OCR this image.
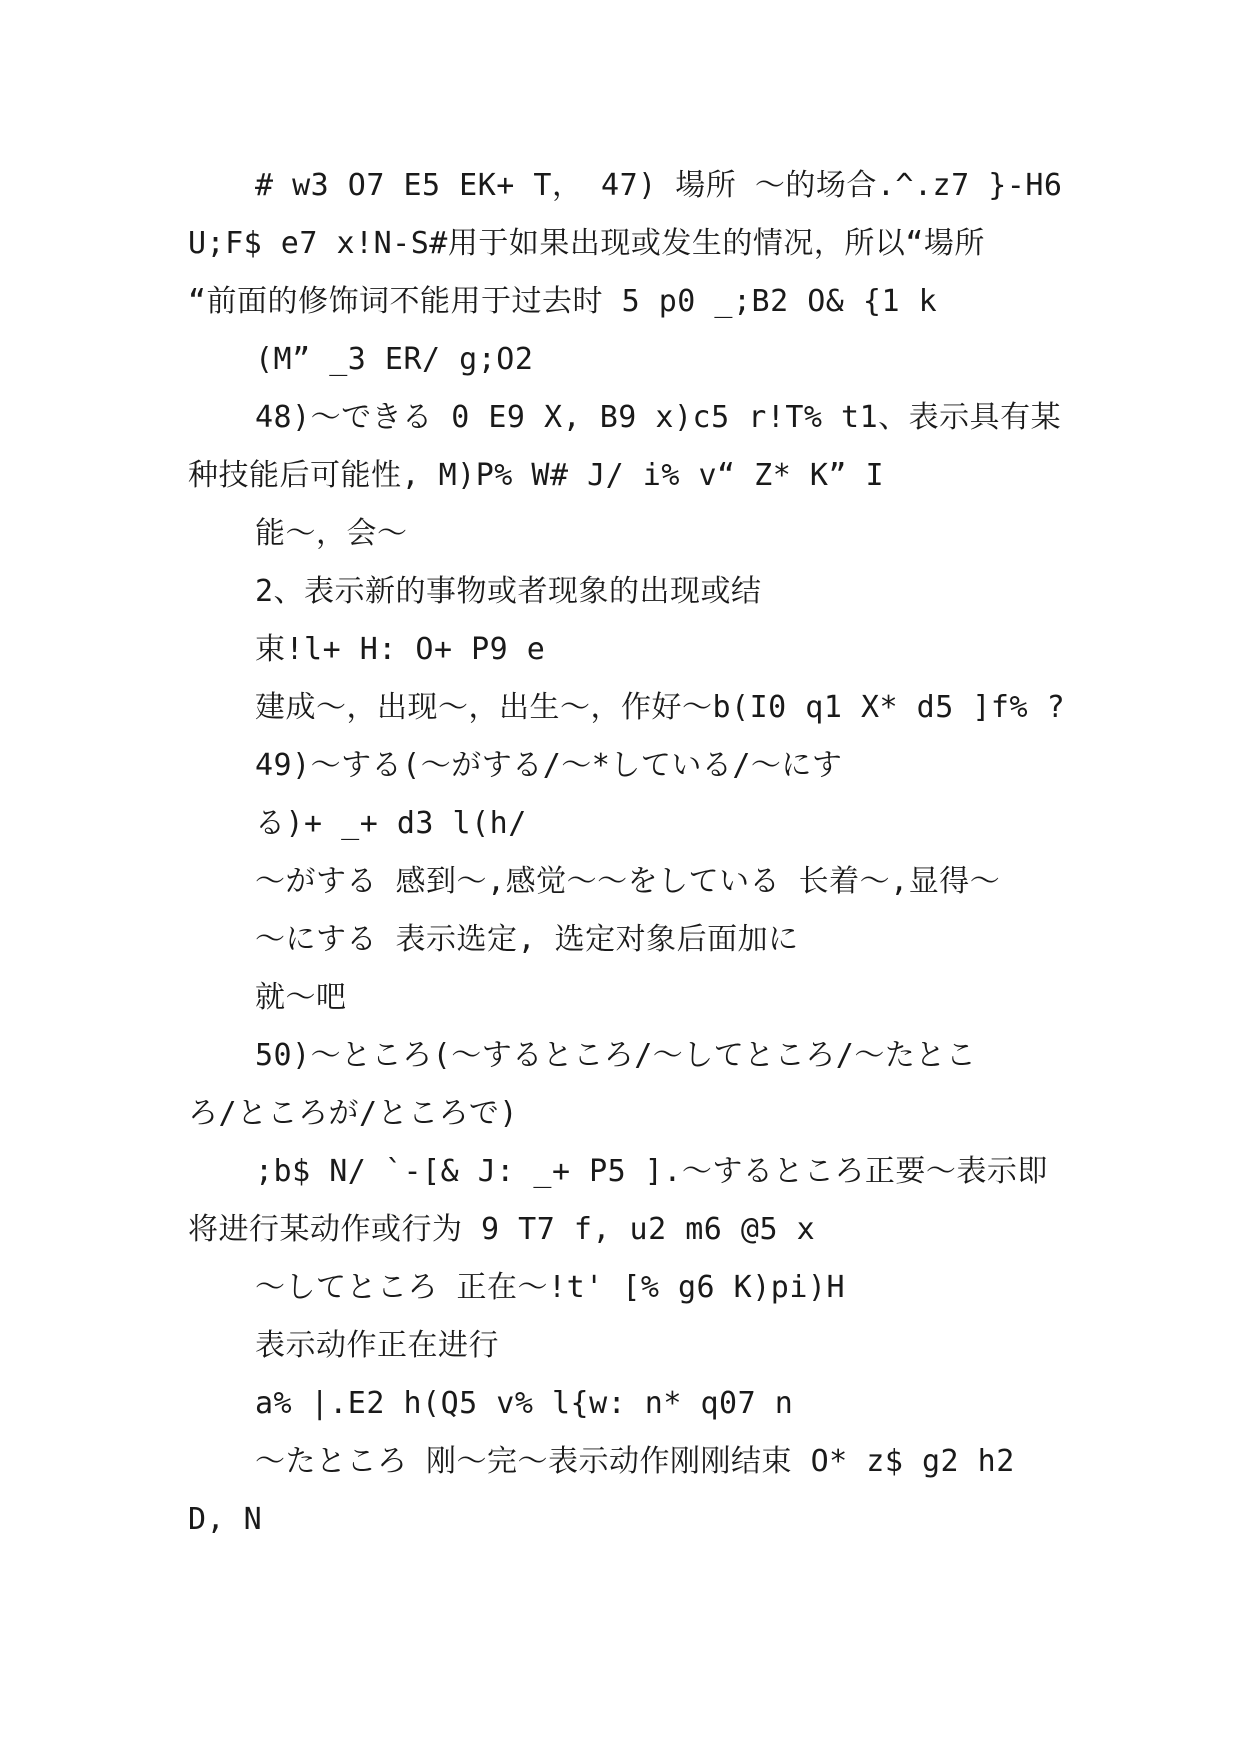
# w3 O7 E5 EK+ T， 47) 場所 ～的场合.^.z7 }-H6
U;F$ e7 x!N-S#用于如果出现或发生的情况，所以“場所
“前面的修饰词不能用于过去时 5 p0 _;B2 O& {1 k
(M” _3 ER/ g;O2
48)～できる 0 E9 X, B9 x)c5 r!T% t1、表示具有某
种技能后可能性, M)P% W# J/ i% v“ Z* K” I
能～，会～
2、表示新的事物或者现象的出现或结
束!l+ H: O+ P9 e
建成～，出现～，出生～，作好～b(I0 q1 X* d5 ]f% ?
49)～する(～がする/～*している/～にす
る)+ _+ d3 l(h/
～がする 感到～,感觉～～をしている 长着～,显得～
～にする 表示选定, 选定对象后面加に
就～吧
50)～ところ(～するところ/～してところ/～たとこ
ろ/ところが/ところで)
;b$ N/ `-[& J: _+ P5 ].～するところ正要～表示即
将进行某动作或行为 9 T7 f, u2 m6 @5 x
～してところ 正在～!t' [% g6 K)pi)H
表示动作正在进行
a% |.E2 h(Q5 v% l{w: n* q07 n
～たところ 刚～完～表示动作刚刚结束 O* z$ g2 h2
D, N
